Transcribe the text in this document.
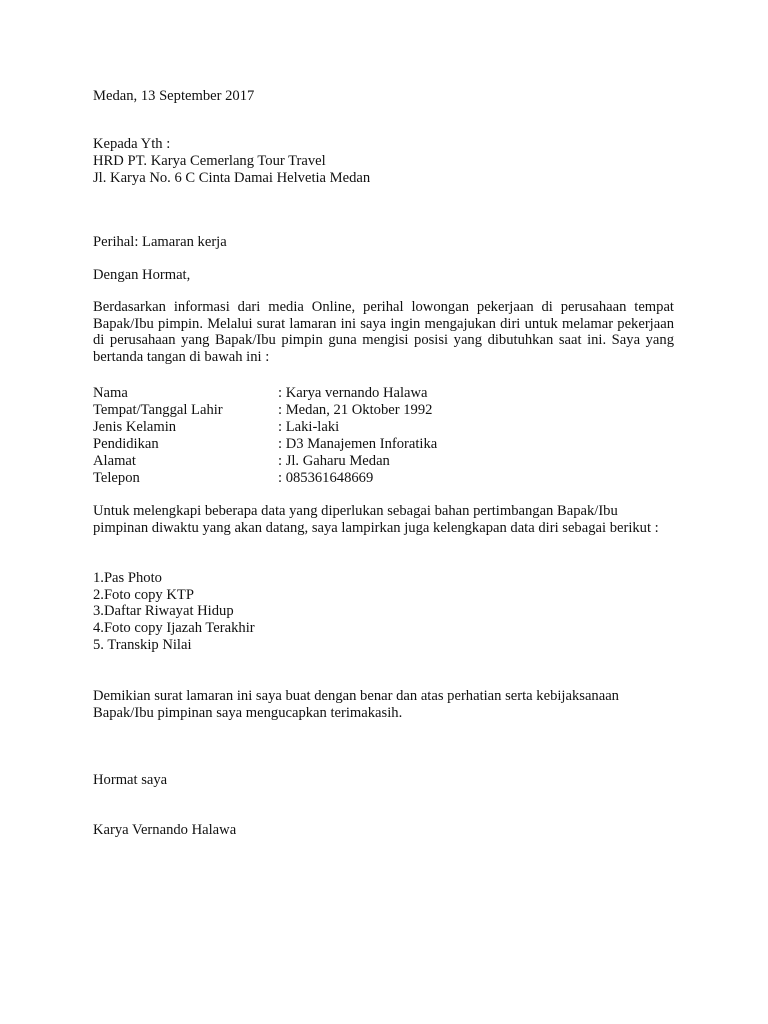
Medan, 13 September 2017
Kepada Yth :
HRD PT. Karya Cemerlang Tour Travel
Jl. Karya No. 6 C Cinta Damai Helvetia Medan
Perihal: Lamaran kerja
Dengan Hormat,
Berdasarkan informasi dari media Online, perihal lowongan pekerjaan di perusahaan tempat Bapak/Ibu pimpin. Melalui surat lamaran ini saya ingin mengajukan diri untuk melamar pekerjaan di perusahaan yang Bapak/Ibu pimpin guna mengisi posisi yang dibutuhkan saat ini. Saya yang bertanda tangan di bawah ini :
Nama	: Karya vernando Halawa
Tempat/Tanggal Lahir	: Medan, 21 Oktober 1992
Jenis Kelamin	: Laki-laki
Pendidikan	: D3 Manajemen Inforatika
Alamat	: Jl. Gaharu Medan
Telepon	: 085361648669
Untuk melengkapi beberapa data yang diperlukan sebagai bahan pertimbangan Bapak/Ibu pimpinan diwaktu yang akan datang, saya lampirkan juga kelengkapan data diri sebagai berikut :
1.Pas Photo
2.Foto copy KTP
3.Daftar Riwayat Hidup
4.Foto copy Ijazah Terakhir
5. Transkip Nilai
Demikian surat lamaran ini saya buat dengan benar dan atas perhatian serta kebijaksanaan Bapak/Ibu pimpinan saya mengucapkan terimakasih.
Hormat saya
Karya Vernando Halawa
